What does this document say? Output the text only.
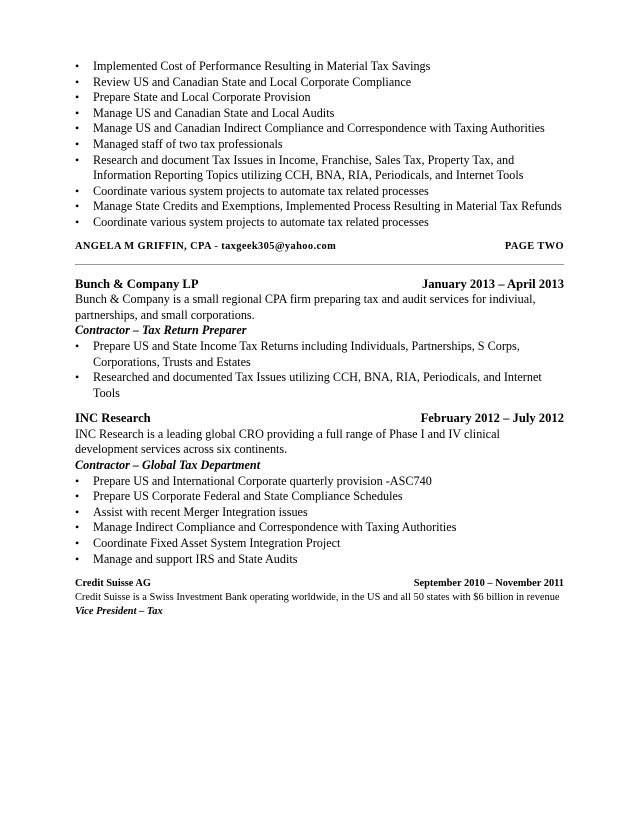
• Implemented Cost of Performance Resulting in Material Tax Savings
• Review US and Canadian State and Local Corporate Compliance
• Prepare State and Local Corporate Provision
• Manage US and Canadian State and Local Audits
• Manage US and Canadian Indirect Compliance and Correspondence with Taxing Authorities
• Managed staff of two tax professionals
• Research and document Tax Issues in Income, Franchise, Sales Tax, Property Tax, and Information Reporting Topics utilizing CCH, BNA, RIA, Periodicals, and Internet Tools
• Coordinate various system projects to automate tax related processes
• Manage State Credits and Exemptions, Implemented Process Resulting in Material Tax Refunds
• Coordinate various system projects to automate tax related processes
ANGELA M GRIFFIN, CPA - taxgeek305@yahoo.com	PAGE TWO
Bunch & Company LP	January 2013 – April 2013
Bunch & Company is a small regional CPA firm preparing tax and audit services for indiviual, partnerships, and small corporations.
Contractor – Tax Return Preparer
• Prepare US and State Income Tax Returns including Individuals, Partnerships, S Corps, Corporations, Trusts and Estates
• Researched and documented Tax Issues utilizing CCH, BNA, RIA, Periodicals, and Internet Tools
INC Research	February 2012 – July 2012
INC Research is a leading global CRO providing a full range of Phase I and IV clinical development services across six continents.
Contractor – Global Tax Department
• Prepare US and International Corporate quarterly provision -ASC740
• Prepare US Corporate Federal and State Compliance Schedules
• Assist with recent Merger Integration issues
• Manage Indirect Compliance and Correspondence with Taxing Authorities
• Coordinate Fixed Asset System Integration Project
• Manage and support IRS and State Audits
Credit Suisse AG	September 2010 – November 2011
Credit Suisse is a Swiss Investment Bank operating worldwide, in the US and all 50 states with $6 billion in revenue
Vice President – Tax
